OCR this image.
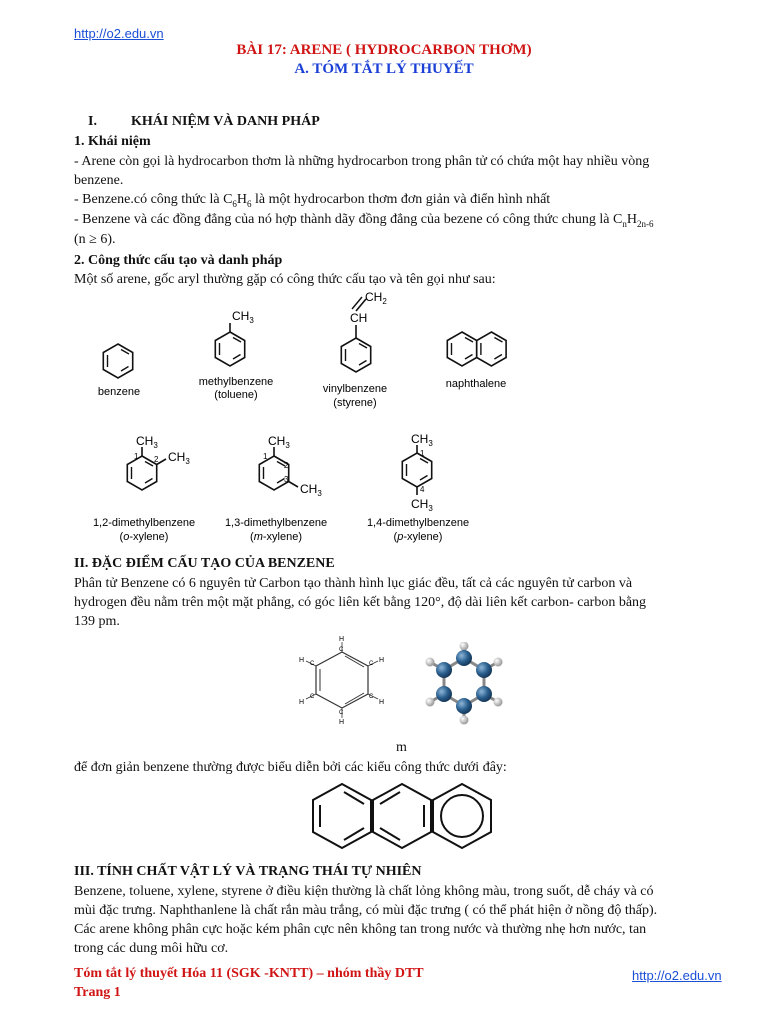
http://o2.edu.vn
BÀI 17: ARENE ( HYDROCARBON THƠM)
A. TÓM TẮT LÝ THUYẾT
I. KHÁI NIỆM VÀ DANH PHÁP
1. Khái niệm
- Arene còn gọi là hydrocarbon thơm là những hydrocarbon trong phân tử có chứa một hay nhiều vòng
benzene.
- Benzene.có công thức là $C_6H_6$ là một hydrocarbon thơm đơn giản và điển hình nhất
- Benzene và các đồng đẳng của nó hợp thành dãy đồng đẳng của bezene có công thức chung là $C_nH_{2n-6}$
(n ≥ 6).
2. Công thức cấu tạo và danh pháp
Một số arene, gốc aryl thường gặp có công thức cấu tạo và tên gọi như sau:
benzene
$CH_3$
methylbenzene
(toluene)
$CH_2$
CH
vinylbenzene
(styrene)
naphthalene
$CH_3$
$CH_3$
1 2
1,2-dimethylbenzene
(o-xylene)
$CH_3$
$CH_3$
1
2
3
1,3-dimethylbenzene
(m-xylene)
$CH_3$
$CH_3$
1
4
1,4-dimethylbenzene
(p-xylene)
II. ĐẶC ĐIỂM CẤU TẠO CỦA BENZENE
Phân tử Benzene có 6 nguyên tử Carbon tạo thành hình lục giác đều, tất cả các nguyên tử carbon và
hydrogen đều nằm trên một mặt phẳng, có góc liên kết bằng 120°, độ dài liên kết carbon- carbon bằng
139 pm.
H
H
H
H
H
H
C
C
C
C
C
C
m
để đơn giản benzene thường được biểu diễn bởi các kiểu công thức dưới đây:
III. TÍNH CHẤT VẬT LÝ VÀ TRẠNG THÁI TỰ NHIÊN
Benzene, toluene, xylene, styrene ở điều kiện thường là chất lỏng không màu, trong suốt, dễ cháy và có
mùi đặc trưng. Naphthanlene là chất rắn màu trắng, có mùi đặc trưng ( có thể phát hiện ở nồng độ thấp).
Các arene không phân cực hoặc kém phân cực nên không tan trong nước và thường nhẹ hơn nước, tan
trong các dung môi hữu cơ.
Tóm tắt lý thuyết Hóa 11 (SGK -KNTT) – nhóm thầy DTT
Trang 1
http://o2.edu.vn
